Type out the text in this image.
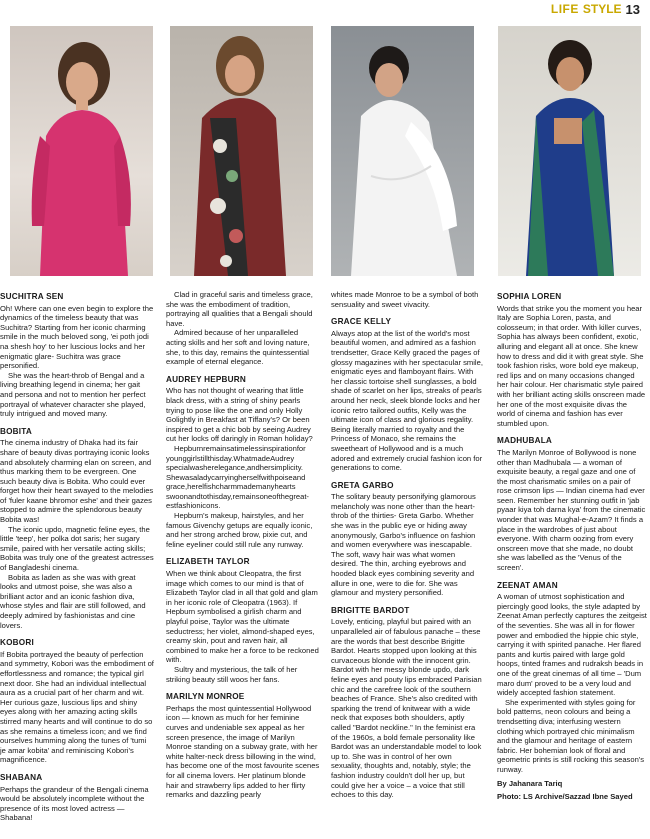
LIFE STYLE 13
SUCHITRA SEN

Oh! Where can one even begin to explore the dynamics of the timeless beauty that was Suchitra? Starting from her iconic charming smile in the much beloved song, 'ei poth jodi na shesh hoy' to her luscious locks and her enigmatic glare- Suchitra was grace personified.

She was the heart-throb of Bengal and a living breathing legend in cinema; her gait and persona and not to mention her perfect portrayal of whatever character she played, truly intrigued and moved many.

BOBITA

The cinema industry of Dhaka had its fair share of beauty divas portraying iconic looks and absolutely charming elan on screen, and thus marking them to be evergreen. One such beauty diva is Bobita. Who could ever forget how their heart swayed to the melodies of 'fuler kaane bhromor eshe' and their gazes stopped to admire the splendorous beauty Bobita was!

The iconic updo, magnetic feline eyes, the little 'teep', her polka dot saris; her sugary smile, paired with her versatile acting skills; Bobita was truly one of the greatest actresses of Bangladeshi cinema.

Bobita as laden as she was with great looks and utmost poise, she was also a brilliant actor and an iconic fashion diva, whose styles and flair are still followed, and deeply admired by fashionistas and cine lovers.

KOBORI

If Bobita portrayed the beauty of perfection and symmetry, Kobori was the embodiment of effortlessness and romance; the typical girl next door. She had an individual intellectual aura as a crucial part of her charm and wit. Her curious gaze, luscious lips and shiny eyes along with her amazing acting skills stirred many hearts and will continue to do so as she remains a timeless icon; and we find ourselves humming along the tunes of 'tumi je amar kobita' and reminiscing Kobori's magnificence.

SHABANA

Perhaps the grandeur of the Bengali cinema would be absolutely incomplete without the presence of its most loved actress —Shabana!

Clad in graceful saris and timeless grace, she was the embodiment of tradition, portraying all qualities that a Bengali should have.

Admired because of her unparalleled acting skills and her soft and loving nature, she, to this day, remains the quintessential example of eternal elegance.

AUDREY HEPBURN

Who has not thought of wearing that little black dress, with a string of shiny pearls trying to pose like the one and only Holly Golightly in Breakfast at Tiffany's? Or been inspired to get a chic bob by seeing Audrey cut her locks off daringly in Roman holiday?

Hepburnremainsatimelessinspirationfor younggirlstillthisday.WhatmadeAudrey specialwasherelegance,andhersimplicity. Shewasaladycarryingherselfwithpoiseand grace,herelfishcharmmademanyhearts swoonandtothisday,remainsoneofthegreat-estfashionicons.

Hepburn's makeup, hairstyles, and her famous Givenchy getups are equally iconic, and her strong arched brow, pixie cut, and feline eyeliner could still rule any runway.

ELIZABETH TAYLOR

When we think about Cleopatra, the first image which comes to our mind is that of Elizabeth Taylor clad in all that gold and glam in her iconic role of Cleopatra (1963). If Hepburn symbolised a girlish charm and playful poise, Taylor was the ultimate seductress; her violet, almond-shaped eyes, creamy skin, pout and raven hair, all combined to make her a force to be reckoned with.

Sultry and mysterious, the talk of her striking beauty still woos her fans.

MARILYN MONROE

Perhaps the most quintessential Hollywood icon — known as much for her feminine curves and undeniable sex appeal as her screen presence, the image of Marilyn Monroe standing on a subway grate, with her white halter-neck dress billowing in the wind, has become one of the most favourite scenes for all cinema lovers. Her platinum blonde hair and strawberry lips added to her flirty remarks and dazzling pearly

whites made Monroe to be a symbol of both sensuality and sweet vivacity.

GRACE KELLY

Always atop at the list of the world's most beautiful women, and admired as a fashion trendsetter, Grace Kelly graced the pages of glossy magazines with her spectacular smile, enigmatic eyes and flamboyant flairs. With her classic tortoise shell sunglasses, a bold shade of scarlet on her lips, streaks of pearls around her neck, sleek blonde locks and her iconic retro tailored outfits, Kelly was the ultimate icon of class and glorious regality. Being literally married to royalty and the Princess of Monaco, she remains the sweetheart of Hollywood and is a much adored and extremely crucial fashion icon for generations to come.

GRETA GARBO

The solitary beauty personifying glamorous melancholy was none other than the heart-throb of the thirties- Greta Garbo. Whether she was in the public eye or hiding away anonymously, Garbo's influence on fashion and women everywhere was inescapable. The soft, wavy hair was what women desired. The thin, arching eyebrows and hooded black eyes combining severity and allure in one, were to die for. She was glamour and mystery personified.

BRIGITTE BARDOT

Lovely, enticing, playful but paired with an unparalleled air of fabulous panache – these are the words that best describe Brigitte Bardot. Hearts stopped upon looking at this curvaceous blonde with the innocent grin. Bardot with her messy blonde updo, dark feline eyes and pouty lips embraced Parisian chic and the carefree look of the southern beaches of France. She's also credited with sparking the trend of knitwear with a wide neck that exposes both shoulders, aptly called "Bardot neckline." In the feminist era of the 1960s, a bold female personality like Bardot was an understandable model to look up to. She was in control of her own sexuality, thoughts and, notably, style; the fashion industry couldn't doll her up, but could give her a voice – a voice that still echoes to this day.

SOPHIA LOREN

Words that strike you the moment you hear Italy are Sophia Loren, pasta, and colosseum; in that order. With killer curves, Sophia has always been confident, exotic, alluring and elegant all at once. She knew how to dress and did it with great style. She took fashion risks, wore bold eye makeup, red lips and on many occasions changed her hair colour. Her charismatic style paired with her brilliant acting skills onscreen made her one of the most exquisite divas the world of cinema and fashion has ever stumbled upon.

MADHUBALA

The Marilyn Monroe of Bollywood is none other than Madhubala — a woman of exquisite beauty, a regal gaze and one of the most charismatic smiles on a pair of rose crimson lips — Indian cinema had ever seen. Remember her stunning outfit in 'jab pyaar kiya toh darna kya' from the cinematic wonder that was Mughal-e-Azam? It finds a place in the wardrobes of just about everyone. With charm oozing from every onscreen move that she made, no doubt she was labelled as the 'Venus of the screen'.

ZEENAT AMAN

A woman of utmost sophistication and piercingly good looks, the style adapted by Zeenat Aman perfectly captures the zeitgeist of the seventies. She was all in for flower power and embodied the hippie chic style, carrying it with spirited panache. Her flared pants and kurtis paired with large gold hoops, tinted frames and rudraksh beads in one of the great cinemas of all time – 'Dum maro dum' proved to be a very loud and widely accepted fashion statement.

She experimented with styles going for bold patterns, neon colours and being a trendsetting diva; interfusing western clothing which portrayed chic minimalism and the glamour and heritage of eastern fabric. Her bohemian look of floral and geometric prints is still rocking this season's runway.

By Jahanara Tariq

Photo: LS Archive/Sazzad Ibne Sayed
